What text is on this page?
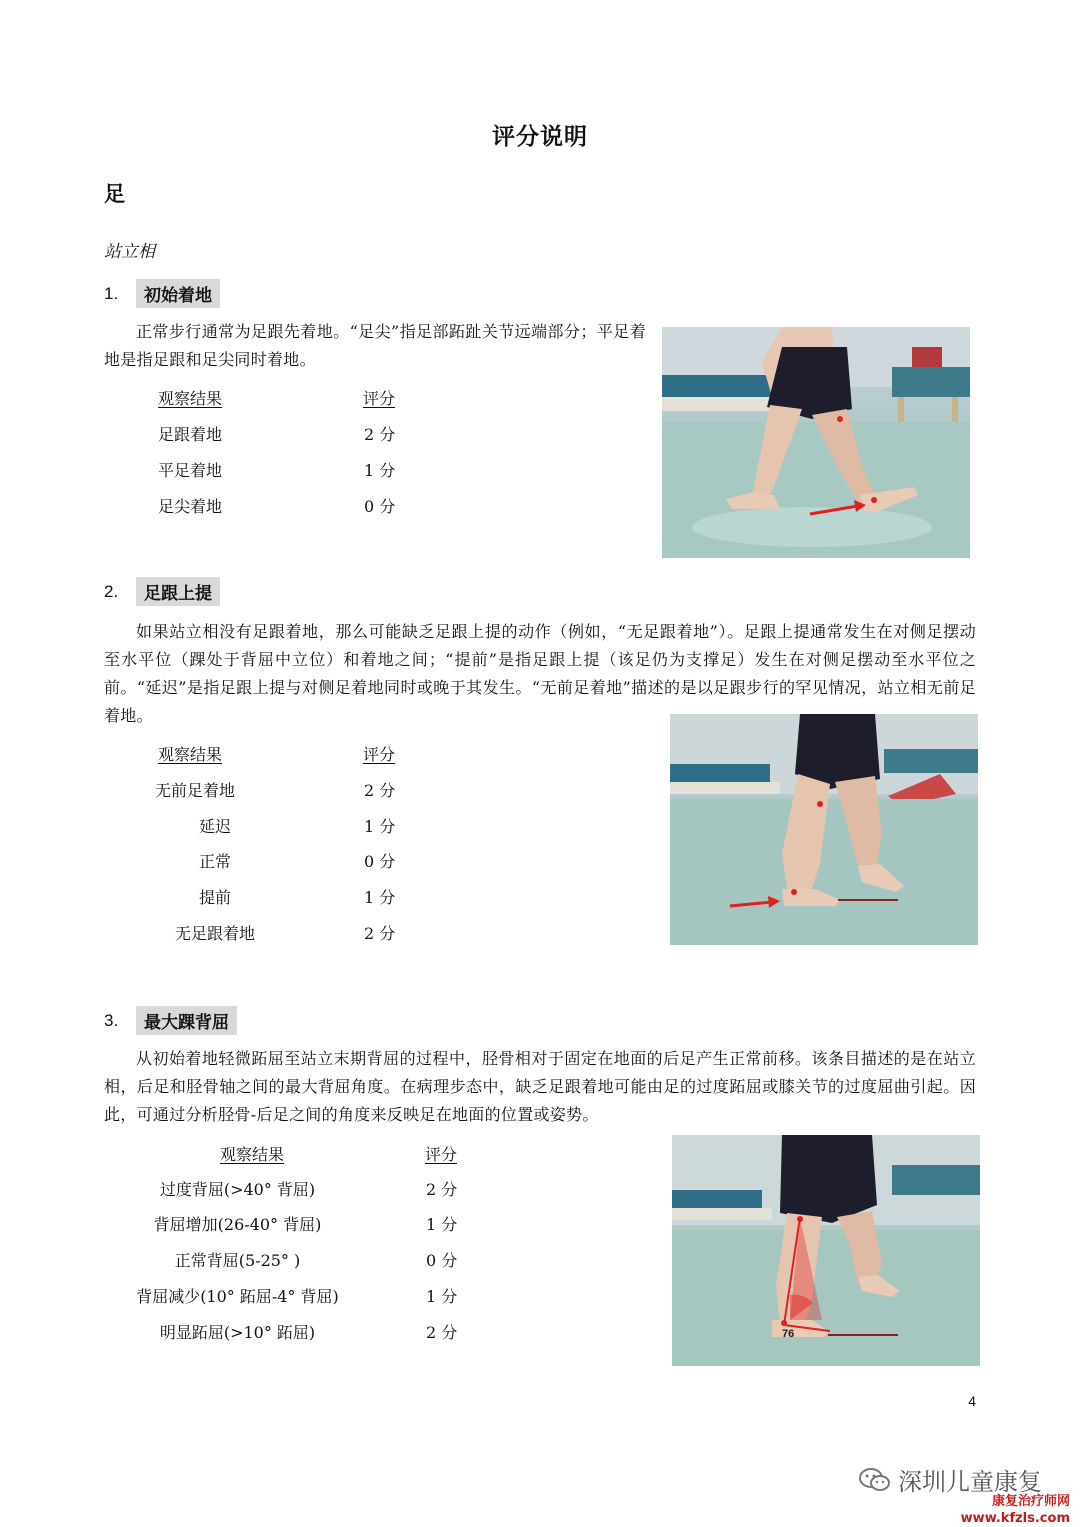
评分说明
足
站立相
1.	初始着地
正常步行通常为足跟先着地。“足尖”指足部跖趾关节远端部分；平足着地是指足跟和足尖同时着地。
观察结果	评分
足跟着地	2 分
平足着地	1 分
足尖着地	0 分
2.	足跟上提
如果站立相没有足跟着地，那么可能缺乏足跟上提的动作（例如，“无足跟着地”）。足跟上提通常发生在对侧足摆动至水平位（踝处于背屈中立位）和着地之间；“提前”是指足跟上提（该足仍为支撑足）发生在对侧足摆动至水平位之前。“延迟”是指足跟上提与对侧足着地同时或晚于其发生。“无前足着地”描述的是以足跟步行的罕见情况，站立相无前足着地。
观察结果	评分
无前足着地	2 分
延迟	1 分
正常	0 分
提前	1 分
无足跟着地	2 分
3.	最大踝背屈
从初始着地轻微跖屈至站立末期背屈的过程中，胫骨相对于固定在地面的后足产生正常前移。该条目描述的是在站立相，后足和胫骨轴之间的最大背屈角度。在病理步态中，缺乏足跟着地可能由足的过度跖屈或膝关节的过度屈曲引起。因此，可通过分析胫骨-后足之间的角度来反映足在地面的位置或姿势。
观察结果	评分
过度背屈(>40° 背屈)	2 分
背屈增加(26-40° 背屈)	1 分
正常背屈(5-25° )	0 分
背屈减少(10° 跖屈-4° 背屈)	1 分
明显跖屈(>10° 跖屈)	2 分	76
4
深圳儿童康复
康复治疗师网
www.kfzls.com
